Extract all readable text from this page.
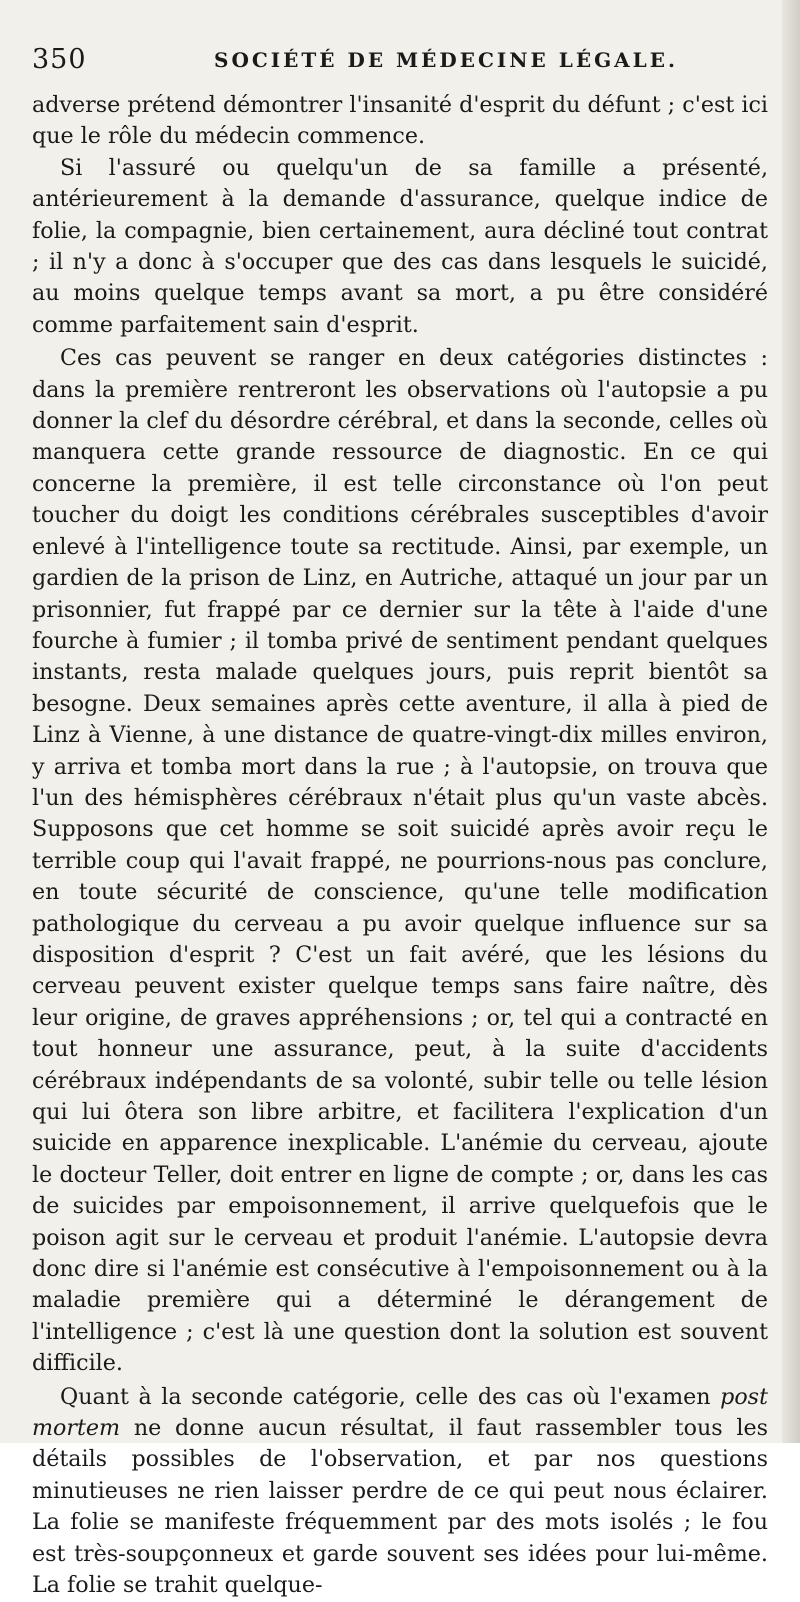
350	SOCIÉTÉ DE MÉDECINE LÉGALE.

adverse prétend démontrer l'insanité d'esprit du défunt ; c'est ici que le rôle du médecin commence.

Si l'assuré ou quelqu'un de sa famille a présenté, antérieurement à la demande d'assurance, quelque indice de folie, la compagnie, bien certainement, aura décliné tout contrat ; il n'y a donc à s'occuper que des cas dans lesquels le suicidé, au moins quelque temps avant sa mort, a pu être considéré comme parfaitement sain d'esprit.

Ces cas peuvent se ranger en deux catégories distinctes : dans la première rentreront les observations où l'autopsie a pu donner la clef du désordre cérébral, et dans la seconde, celles où manquera cette grande ressource de diagnostic. En ce qui concerne la première, il est telle circonstance où l'on peut toucher du doigt les conditions cérébrales susceptibles d'avoir enlevé à l'intelligence toute sa rectitude. Ainsi, par exemple, un gardien de la prison de Linz, en Autriche, attaqué un jour par un prisonnier, fut frappé par ce dernier sur la tête à l'aide d'une fourche à fumier ; il tomba privé de sentiment pendant quelques instants, resta malade quelques jours, puis reprit bientôt sa besogne. Deux semaines après cette aventure, il alla à pied de Linz à Vienne, à une distance de quatre-vingt-dix milles environ, y arriva et tomba mort dans la rue ; à l'autopsie, on trouva que l'un des hémisphères cérébraux n'était plus qu'un vaste abcès. Supposons que cet homme se soit suicidé après avoir reçu le terrible coup qui l'avait frappé, ne pourrions-nous pas conclure, en toute sécurité de conscience, qu'une telle modification pathologique du cerveau a pu avoir quelque influence sur sa disposition d'esprit ? C'est un fait avéré, que les lésions du cerveau peuvent exister quelque temps sans faire naître, dès leur origine, de graves appréhensions ; or, tel qui a contracté en tout honneur une assurance, peut, à la suite d'accidents cérébraux indépendants de sa volonté, subir telle ou telle lésion qui lui ôtera son libre arbitre, et facilitera l'explication d'un suicide en apparence inexplicable. L'anémie du cerveau, ajoute le docteur Teller, doit entrer en ligne de compte ; or, dans les cas de suicides par empoisonnement, il arrive quelquefois que le poison agit sur le cerveau et produit l'anémie. L'autopsie devra donc dire si l'anémie est consécutive à l'empoisonnement ou à la maladie première qui a déterminé le dérangement de l'intelligence ; c'est là une question dont la solution est souvent difficile.

Quant à la seconde catégorie, celle des cas où l'examen post mortem ne donne aucun résultat, il faut rassembler tous les détails possibles de l'observation, et par nos questions minutieuses ne rien laisser perdre de ce qui peut nous éclairer. La folie se manifeste fréquemment par des mots isolés ; le fou est très-soupçonneux et garde souvent ses idées pour lui-même. La folie se trahit quelque-
